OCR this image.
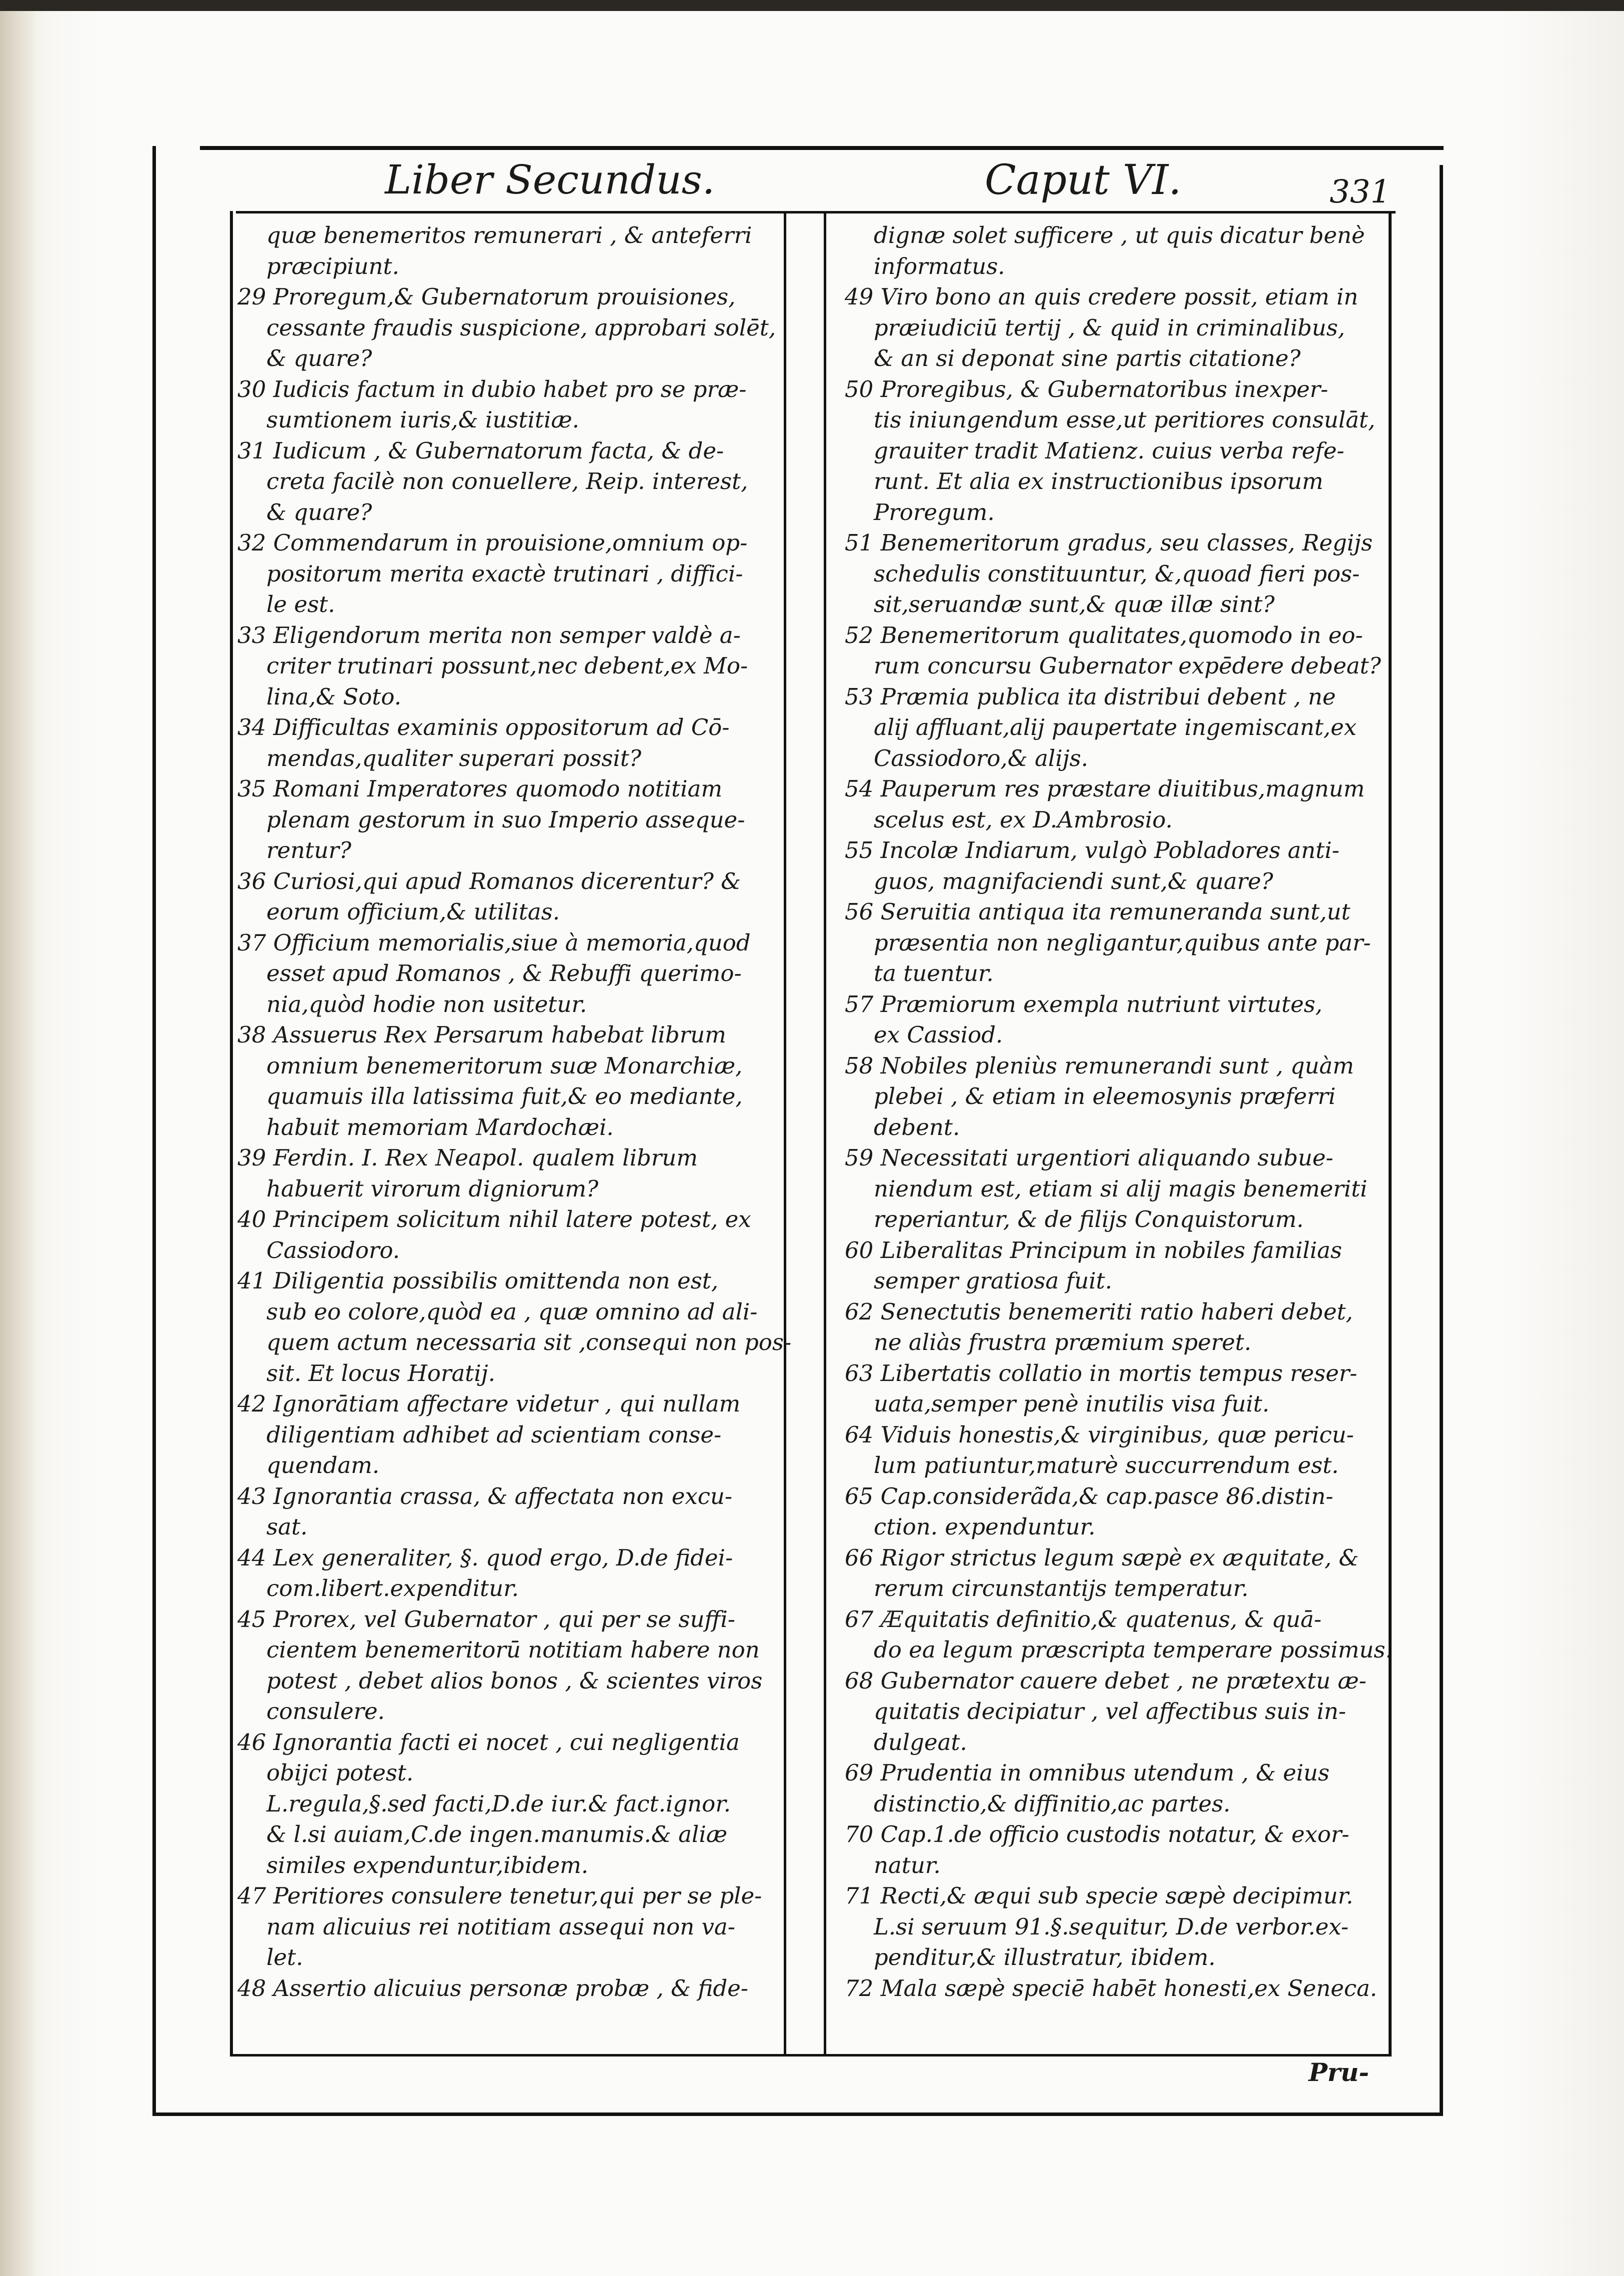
Liber Secundus.	Caput VI.	331

quæ benemeritos remunerari , & anteferri
præcipiunt.

29 Proregum,& Gubernatorum prouisiones,
cessante fraudis suspicione, approbari solēt,
& quare?

30 Iudicis factum in dubio habet pro se præ-
sumtionem iuris,& iustitiæ.

31 Iudicum , & Gubernatorum facta, & de-
creta facilè non conuellere, Reip. interest,
& quare?

32 Commendarum in prouisione,omnium op-
positorum merita exactè trutinari , diffici-
le est.

33 Eligendorum merita non semper valdè a-
criter trutinari possunt,nec debent,ex Mo-
lina,& Soto.

34 Difficultas examinis oppositorum ad Cō-
mendas,qualiter superari possit?

35 Romani Imperatores quomodo notitiam
plenam gestorum in suo Imperio asseque-
rentur?

36 Curiosi,qui apud Romanos dicerentur? &
eorum officium,& utilitas.

37 Officium memorialis,siue à memoria,quod
esset apud Romanos , & Rebuffi querimo-
nia,quòd hodie non usitetur.

38 Assuerus Rex Persarum habebat librum
omnium benemeritorum suæ Monarchiæ,
quamuis illa latissima fuit,& eo mediante,
habuit memoriam Mardochæi.

39 Ferdin. I. Rex Neapol. qualem librum
habuerit virorum digniorum?

40 Principem solicitum nihil latere potest, ex
Cassiodoro.

41 Diligentia possibilis omittenda non est,
sub eo colore,quòd ea , quæ omnino ad ali-
quem actum necessaria sit ,consequi non pos-
sit. Et locus Horatij.

42 Ignorātiam affectare videtur , qui nullam
diligentiam adhibet ad scientiam conse-
quendam.

43 Ignorantia crassa, & affectata non excu-
sat.

44 Lex generaliter, §. quod ergo, D.de fidei-
com.libert.expenditur.

45 Prorex, vel Gubernator , qui per se suffi-
cientem benemeritorū notitiam habere non
potest , debet alios bonos , & scientes viros
consulere.

46 Ignorantia facti ei nocet , cui negligentia
obijci potest.

L.regula,§.sed facti,D.de iur.& fact.ignor.
& l.si auiam,C.de ingen.manumis.& aliæ
similes expenduntur,ibidem.

47 Peritiores consulere tenetur,qui per se ple-
nam alicuius rei notitiam assequi non va-
let.

48 Assertio alicuius personæ probæ , & fide-

dignæ solet sufficere , ut quis dicatur benè
informatus.

49 Viro bono an quis credere possit, etiam in
præiudiciū tertij , & quid in criminalibus,
& an si deponat sine partis citatione?

50 Proregibus, & Gubernatoribus inexper-
tis iniungendum esse,ut peritiores consulāt,
grauiter tradit Matienz. cuius verba refe-
runt. Et alia ex instructionibus ipsorum
Proregum.

51 Benemeritorum gradus, seu classes, Regijs
schedulis constituuntur, &,quoad fieri pos-
sit,seruandæ sunt,& quæ illæ sint?

52 Benemeritorum qualitates,quomodo in eo-
rum concursu Gubernator expēdere debeat?

53 Præmia publica ita distribui debent , ne
alij affluant,alij paupertate ingemiscant,ex
Cassiodoro,& alijs.

54 Pauperum res præstare diuitibus,magnum
scelus est, ex D.Ambrosio.

55 Incolæ Indiarum, vulgò Pobladores anti-
guos, magnifaciendi sunt,& quare?

56 Seruitia antiqua ita remuneranda sunt,ut
præsentia non negligantur,quibus ante par-
ta tuentur.

57 Præmiorum exempla nutriunt virtutes,
ex Cassiod.

58 Nobiles pleniùs remunerandi sunt , quàm
plebei , & etiam in eleemosynis præferri
debent.

59 Necessitati urgentiori aliquando subue-
niendum est, etiam si alij magis benemeriti
reperiantur, & de filijs Conquistorum.

60 Liberalitas Principum in nobiles familias
semper gratiosa fuit.

62 Senectutis benemeriti ratio haberi debet,
ne aliàs frustra præmium speret.

63 Libertatis collatio in mortis tempus reser-
uata,semper penè inutilis visa fuit.

64 Viduis honestis,& virginibus, quæ pericu-
lum patiuntur,maturè succurrendum est.

65 Cap.considerãda,& cap.pasce 86.distin-
ction. expenduntur.

66 Rigor strictus legum sæpè ex æquitate, &
rerum circunstantijs temperatur.

67 Æquitatis definitio,& quatenus, & quā-
do ea legum præscripta temperare possimus.

68 Gubernator cauere debet , ne prætextu æ-
quitatis decipiatur , vel affectibus suis in-
dulgeat.

69 Prudentia in omnibus utendum , & eius
distinctio,& diffinitio,ac partes.

70 Cap.1.de officio custodis notatur, & exor-
natur.

71 Recti,& æqui sub specie sæpè decipimur.

L.si seruum 91.§.sequitur, D.de verbor.ex-
penditur,& illustratur, ibidem.

72 Mala sæpè speciē habēt honesti,ex Seneca.

Pru-
